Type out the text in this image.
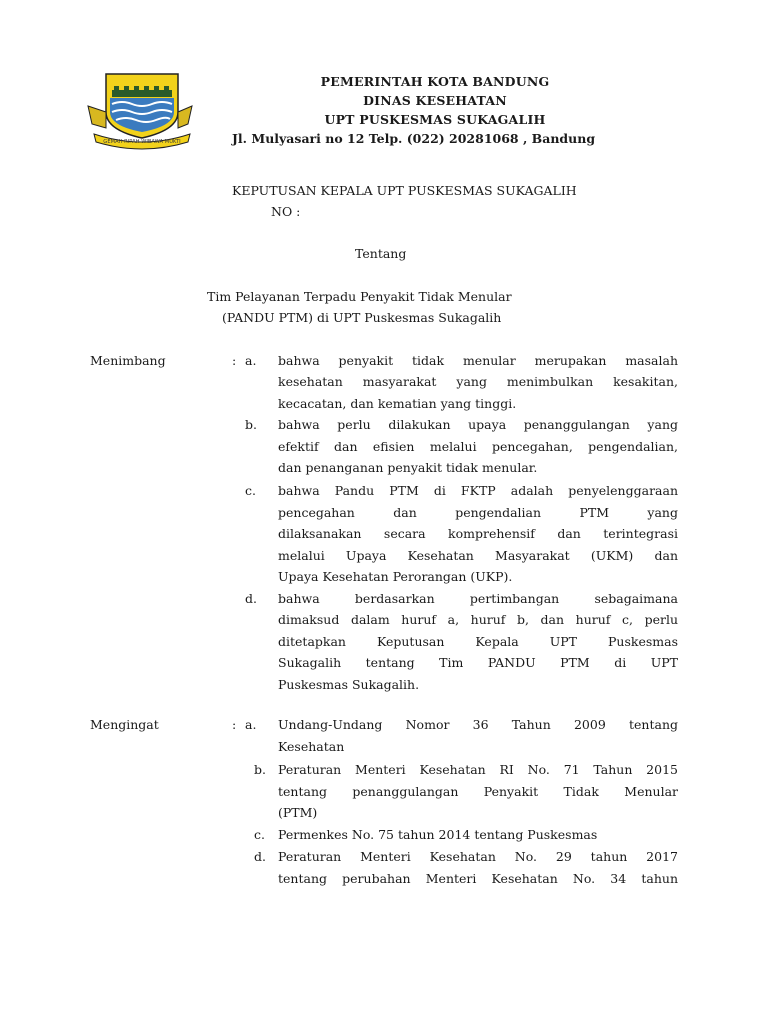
GEMAH RIPAH WIBAWA MUKTI
PEMERINTAH KOTA BANDUNG
DINAS KESEHATAN
UPT PUSKESMAS SUKAGALIH
Jl. Mulyasari no 12 Telp. (022) 20281068 , Bandung
KEPUTUSAN KEPALA UPT PUSKESMAS SUKAGALIH
NO :
Tentang
Tim Pelayanan Terpadu Penyakit Tidak Menular
(PANDU PTM) di UPT Puskesmas Sukagalih
Menimbang	: a. bahwa penyakit tidak menular merupakan masalah
kesehatan masyarakat yang menimbulkan kesakitan,
kecacatan, dan kematian yang tinggi.
b. bahwa perlu dilakukan upaya penanggulangan yang
efektif dan efisien melalui pencegahan, pengendalian,
dan penanganan penyakit tidak menular.
c. bahwa Pandu PTM di FKTP adalah penyelenggaraan
pencegahan dan pengendalian PTM yang
dilaksanakan secara komprehensif dan terintegrasi
melalui Upaya Kesehatan Masyarakat (UKM) dan
Upaya Kesehatan Perorangan (UKP).
d. bahwa berdasarkan pertimbangan sebagaimana
dimaksud dalam huruf a, huruf b, dan huruf c, perlu
ditetapkan Keputusan Kepala UPT Puskesmas
Sukagalih tentang Tim PANDU PTM di UPT
Puskesmas Sukagalih.
Mengingat	: a. Undang-Undang Nomor 36 Tahun 2009 tentang
Kesehatan
b. Peraturan Menteri Kesehatan RI No. 71 Tahun 2015
tentang penanggulangan Penyakit Tidak Menular
(PTM)
c. Permenkes No. 75 tahun 2014 tentang Puskesmas
d. Peraturan Menteri Kesehatan No. 29 tahun 2017
tentang perubahan Menteri Kesehatan No. 34 tahun
